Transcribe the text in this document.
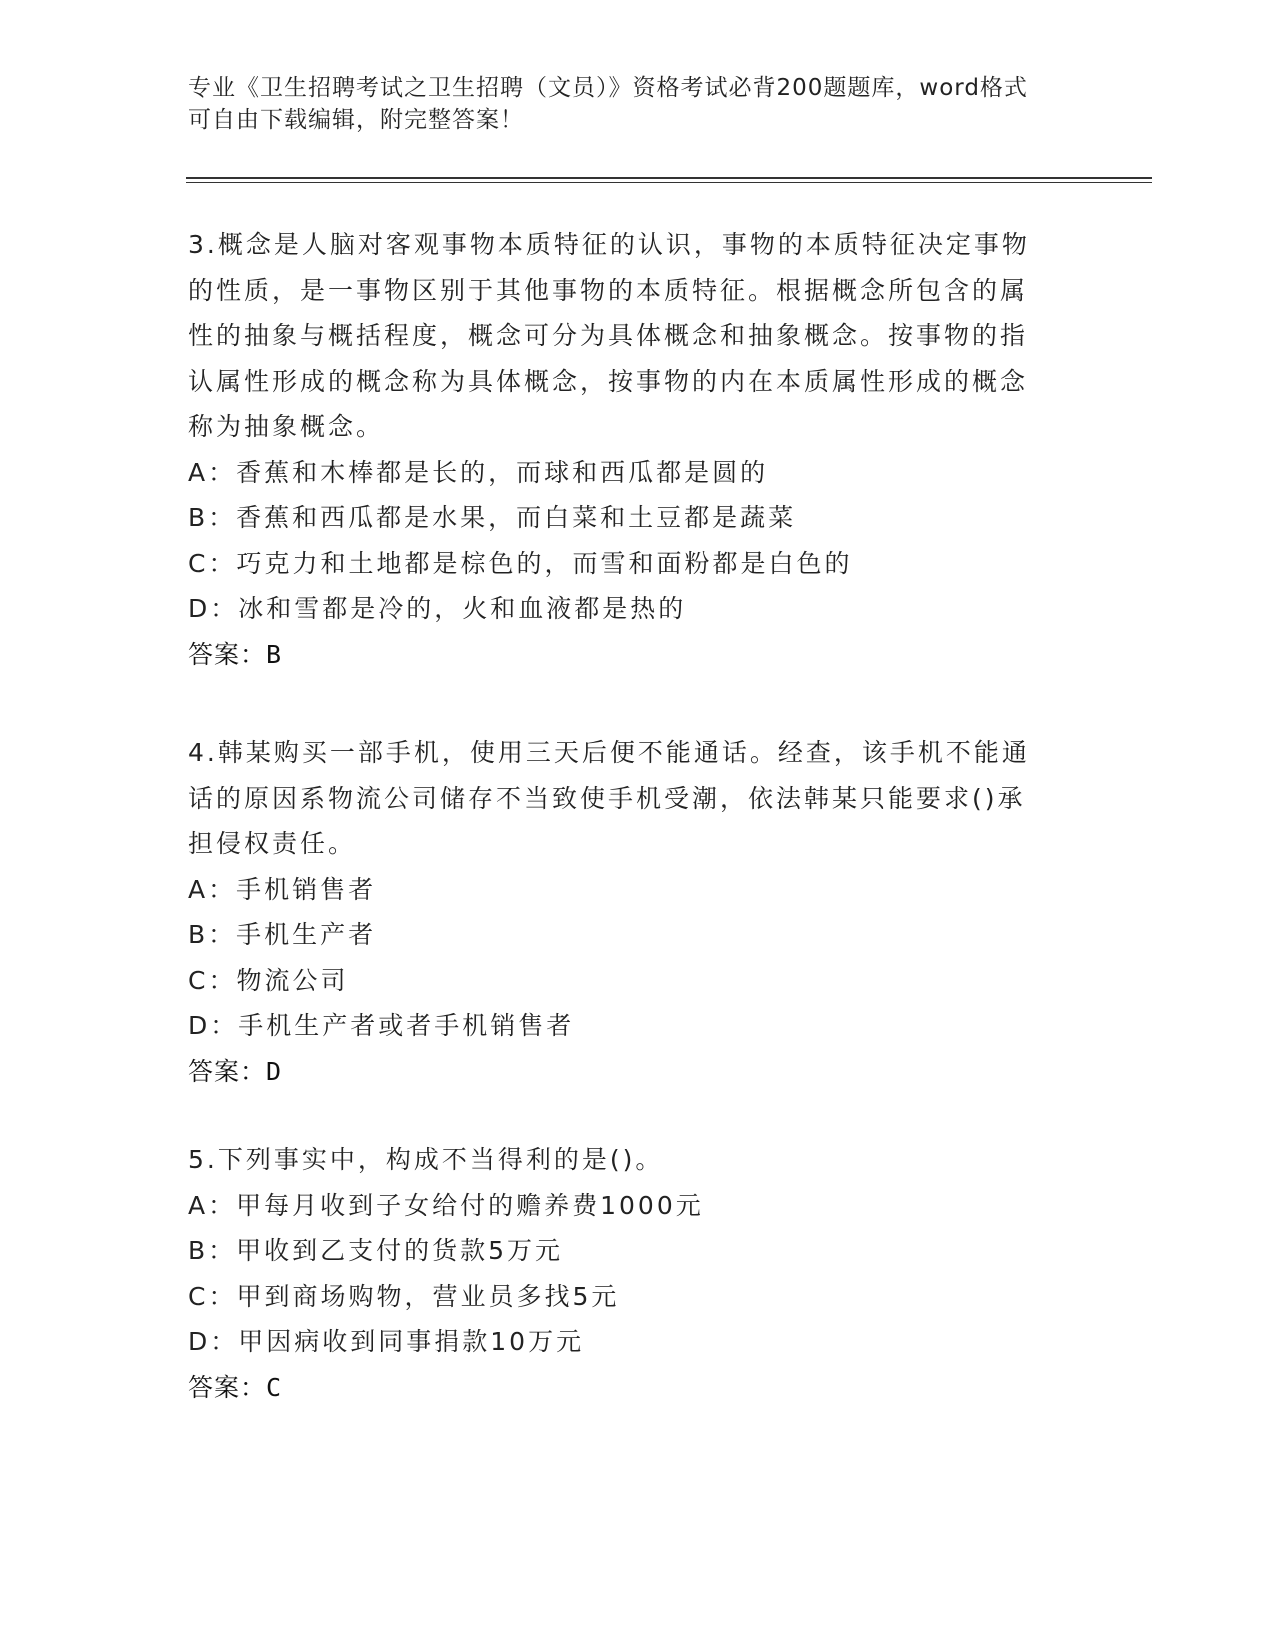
专业《卫生招聘考试之卫生招聘（文员）》资格考试必背200题题库，word格式
可自由下载编辑，附完整答案！
3.概念是人脑对客观事物本质特征的认识，事物的本质特征决定事物
的性质，是一事物区别于其他事物的本质特征。根据概念所包含的属
性的抽象与概括程度，概念可分为具体概念和抽象概念。按事物的指
认属性形成的概念称为具体概念，按事物的内在本质属性形成的概念
称为抽象概念。
A：香蕉和木棒都是长的，而球和西瓜都是圆的
B：香蕉和西瓜都是水果，而白菜和土豆都是蔬菜
C：巧克力和土地都是棕色的，而雪和面粉都是白色的
D：冰和雪都是冷的，火和血液都是热的
答案：B
4.韩某购买一部手机，使用三天后便不能通话。经查，该手机不能通
话的原因系物流公司储存不当致使手机受潮，依法韩某只能要求()承
担侵权责任。
A：手机销售者
B：手机生产者
C：物流公司
D：手机生产者或者手机销售者
答案：D
5.下列事实中，构成不当得利的是()。
A：甲每月收到子女给付的赡养费1000元
B：甲收到乙支付的货款5万元
C：甲到商场购物，营业员多找5元
D：甲因病收到同事捐款10万元
答案：C
